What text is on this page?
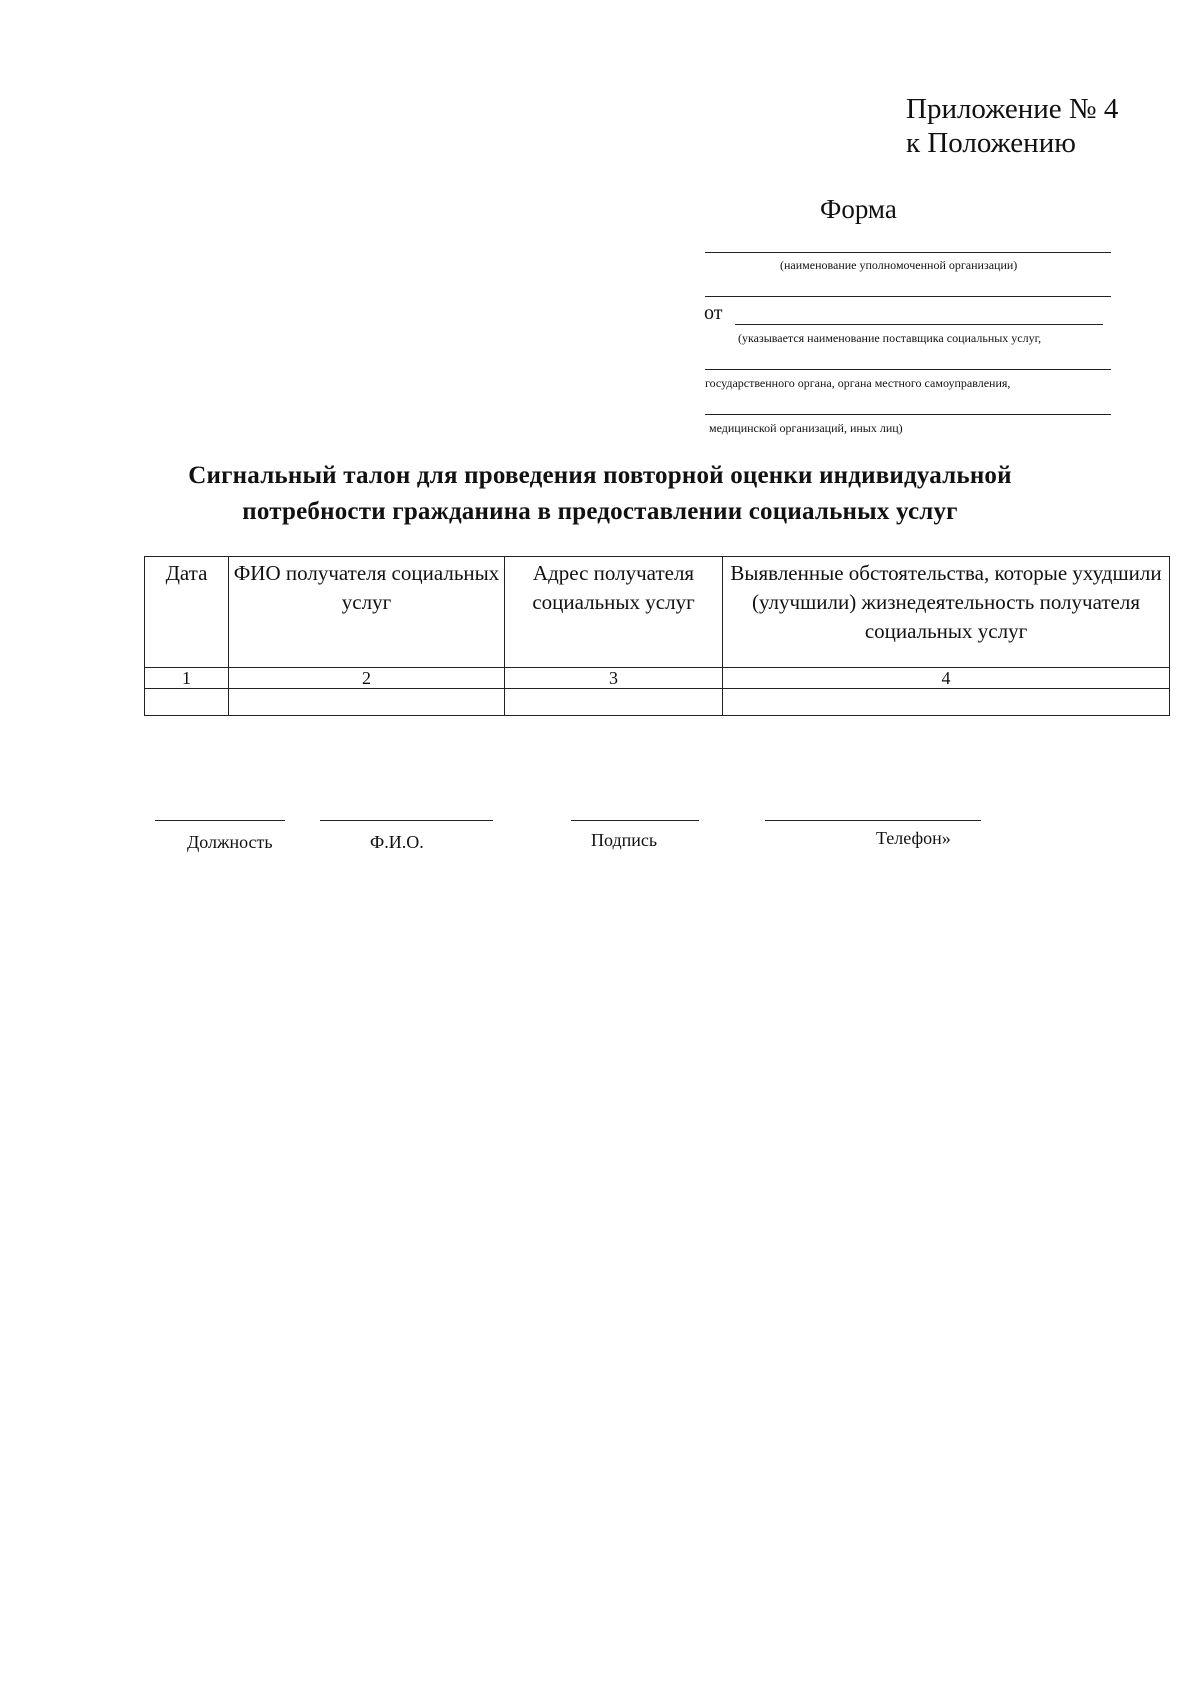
Приложение № 4
к Положению
Форма
(наименование уполномоченной организации)
от
(указывается наименование поставщика социальных услуг,
государственного органа, органа местного самоуправления,
медицинской организаций, иных лиц)
Сигнальный талон для проведения повторной оценки индивидуальной
потребности гражданина в предоставлении социальных услуг
Дата	ФИО получателя социальных услуг	Адрес получателя социальных услуг	Выявленные обстоятельства, которые ухудшили (улучшили) жизнедеятельность получателя социальных услуг
1	2	3	4

Должность	Ф.И.О.	Подпись	Телефон»
